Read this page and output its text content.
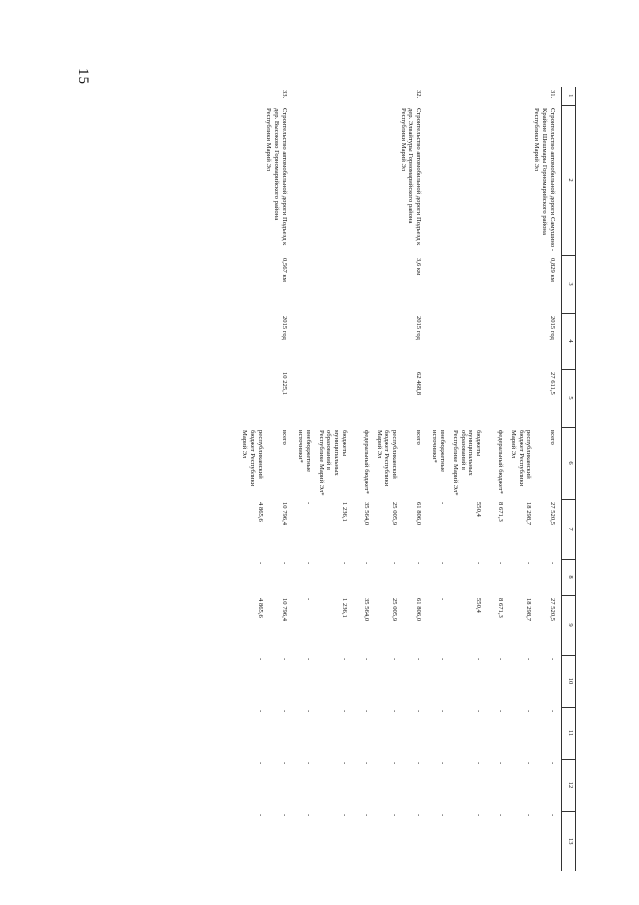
15
1	2	3	4	5	6	7	8	9	10	11	12	13
31.	Строительство автомобильной дороги Самушино - Крайние Шешмары Горномарийского района Республики Марий Эл	0,829 км	2015 год	27 611,5	всего	27 520,5	-	27 520,5	-	-	-	-
					республиканский бюджет Республики Марий Эл	18 298,7	-	18 298,7	-	-	-	-
					федеральный бюджет*	8 671,3	-	8 671,3	-	-	-	-
					бюджеты муниципальных образований в Республике Марий Эл*	550,4	-	550,4	-	-	-	-
					внебюджетные источники*	-	-	-	-	-	-	-
32.	Строительство автомобильной дороги Подъезд к дер. Элвайтуры Горномарийского района Республики Марий Эл	3,6 км	2015 год	62 468,8	всего	61 806,0	-	61 806,0	-	-	-	-
					республиканский бюджет Республики Марий Эл	25 005,9	-	25 005,9	-	-	-	-
					федеральный бюджет*	35 564,0	-	35 564,0	-	-	-	-
					бюджеты муниципальных образований в Республике Марий Эл*	1 236,1	-	1 236,1	-	-	-	-
					внебюджетные источники*	-	-	-	-	-	-	-
33.	Строительство автомобильной дороги Подъезд к дер. Высоково Горномарийского района Республики Марий Эл	0,567 км	2015 год	10 225,1	всего	10 796,4	-	10 796,4	-	-	-	-
					республиканский бюджет Республики Марий Эл	4 865,6	-	4 865,6	-	-	-	-
